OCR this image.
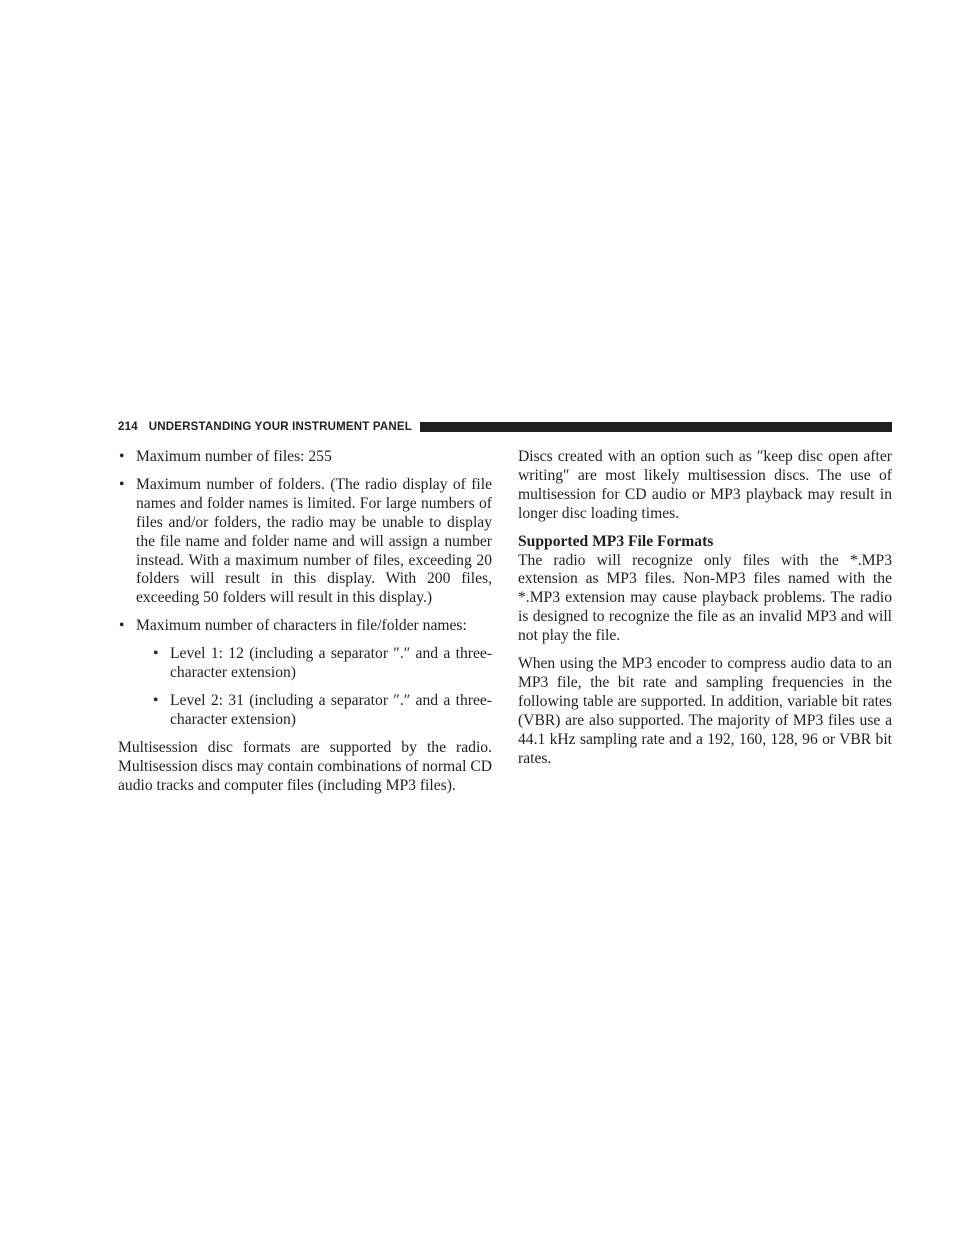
214 UNDERSTANDING YOUR INSTRUMENT PANEL
• Maximum number of files: 255
• Maximum number of folders. (The radio display of file names and folder names is limited. For large numbers of files and/or folders, the radio may be unable to display the file name and folder name and will assign a number instead. With a maximum number of files, exceeding 20 folders will result in this display. With 200 files, exceeding 50 folders will result in this display.)
• Maximum number of characters in file/folder names:
• Level 1: 12 (including a separator ″.″ and a three-character extension)
• Level 2: 31 (including a separator ″.″ and a three-character extension)

Multisession disc formats are supported by the radio. Multisession discs may contain combinations of normal CD audio tracks and computer files (including MP3 files).

Discs created with an option such as ″keep disc open after writing″ are most likely multisession discs. The use of multisession for CD audio or MP3 playback may result in longer disc loading times.

Supported MP3 File Formats

The radio will recognize only files with the *.MP3 extension as MP3 files. Non-MP3 files named with the *.MP3 extension may cause playback problems. The radio is designed to recognize the file as an invalid MP3 and will not play the file.

When using the MP3 encoder to compress audio data to an MP3 file, the bit rate and sampling frequencies in the following table are supported. In addition, variable bit rates (VBR) are also supported. The majority of MP3 files use a 44.1 kHz sampling rate and a 192, 160, 128, 96 or VBR bit rates.
